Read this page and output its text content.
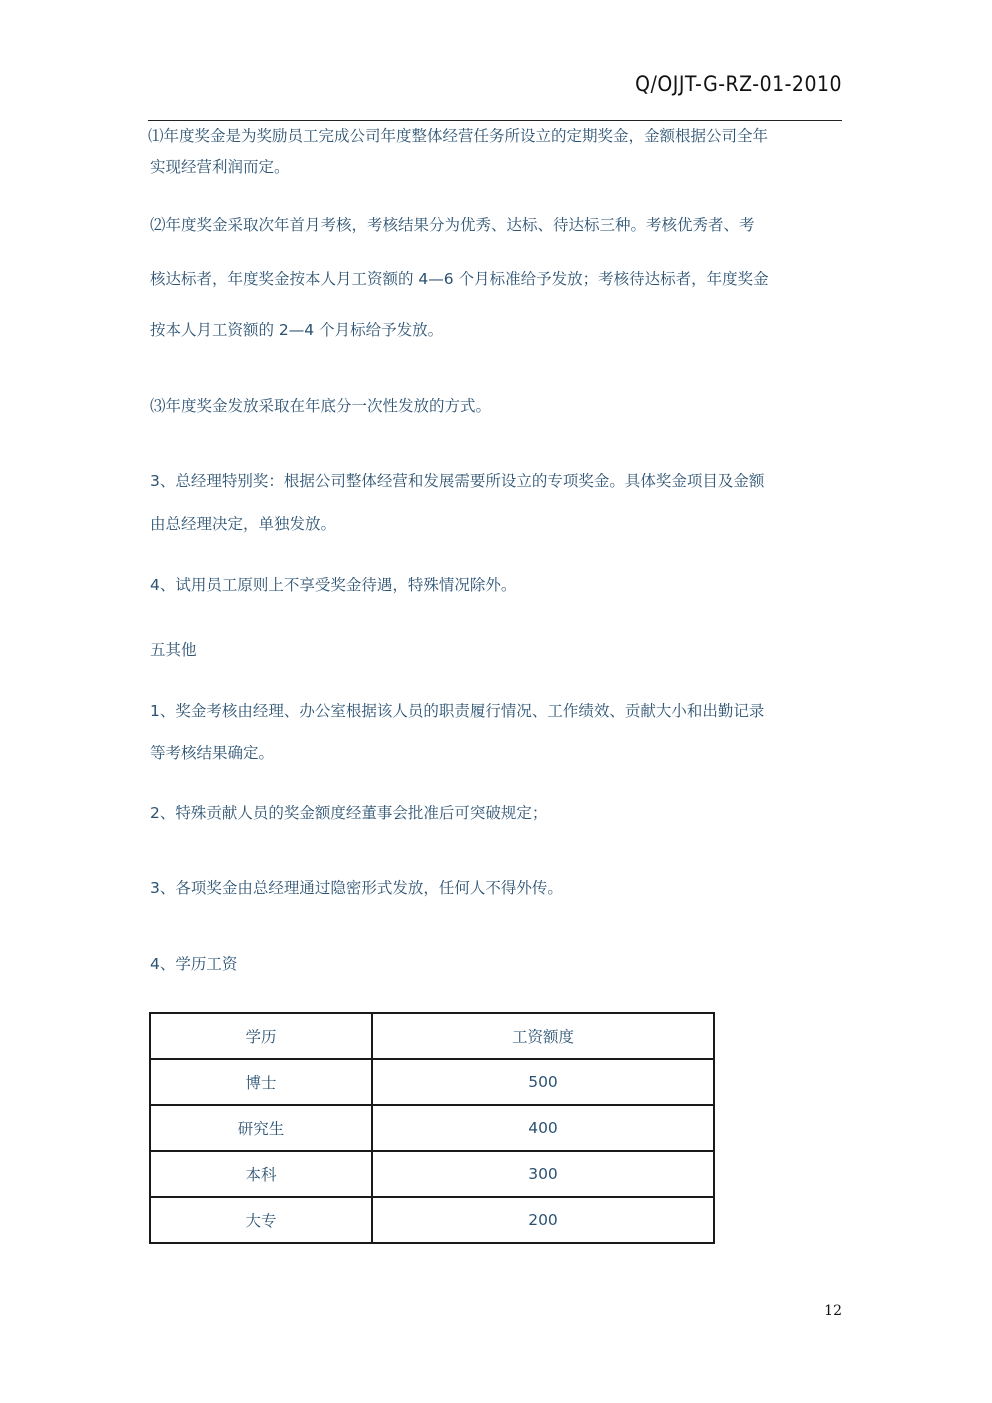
Q/OJJT-G-RZ-01-2010

⑴年度奖金是为奖励员工完成公司年度整体经营任务所设立的定期奖金，金额根据公司全年

实现经营利润而定。

⑵年度奖金采取次年首月考核，考核结果分为优秀、达标、待达标三种。考核优秀者、考

核达标者，年度奖金按本人月工资额的 4—6 个月标准给予发放；考核待达标者，年度奖金

按本人月工资额的 2—4 个月标给予发放。

⑶年度奖金发放采取在年底分一次性发放的方式。

3、总经理特别奖：根据公司整体经营和发展需要所设立的专项奖金。具体奖金项目及金额

由总经理决定，单独发放。

4、试用员工原则上不享受奖金待遇，特殊情况除外。

五其他

1、奖金考核由经理、办公室根据该人员的职责履行情况、工作绩效、贡献大小和出勤记录

等考核结果确定。

2、特殊贡献人员的奖金额度经董事会批准后可突破规定；

3、各项奖金由总经理通过隐密形式发放，任何人不得外传。

4、学历工资

学历	工资额度
博士	500
研究生	400
本科	300
大专	200
12
